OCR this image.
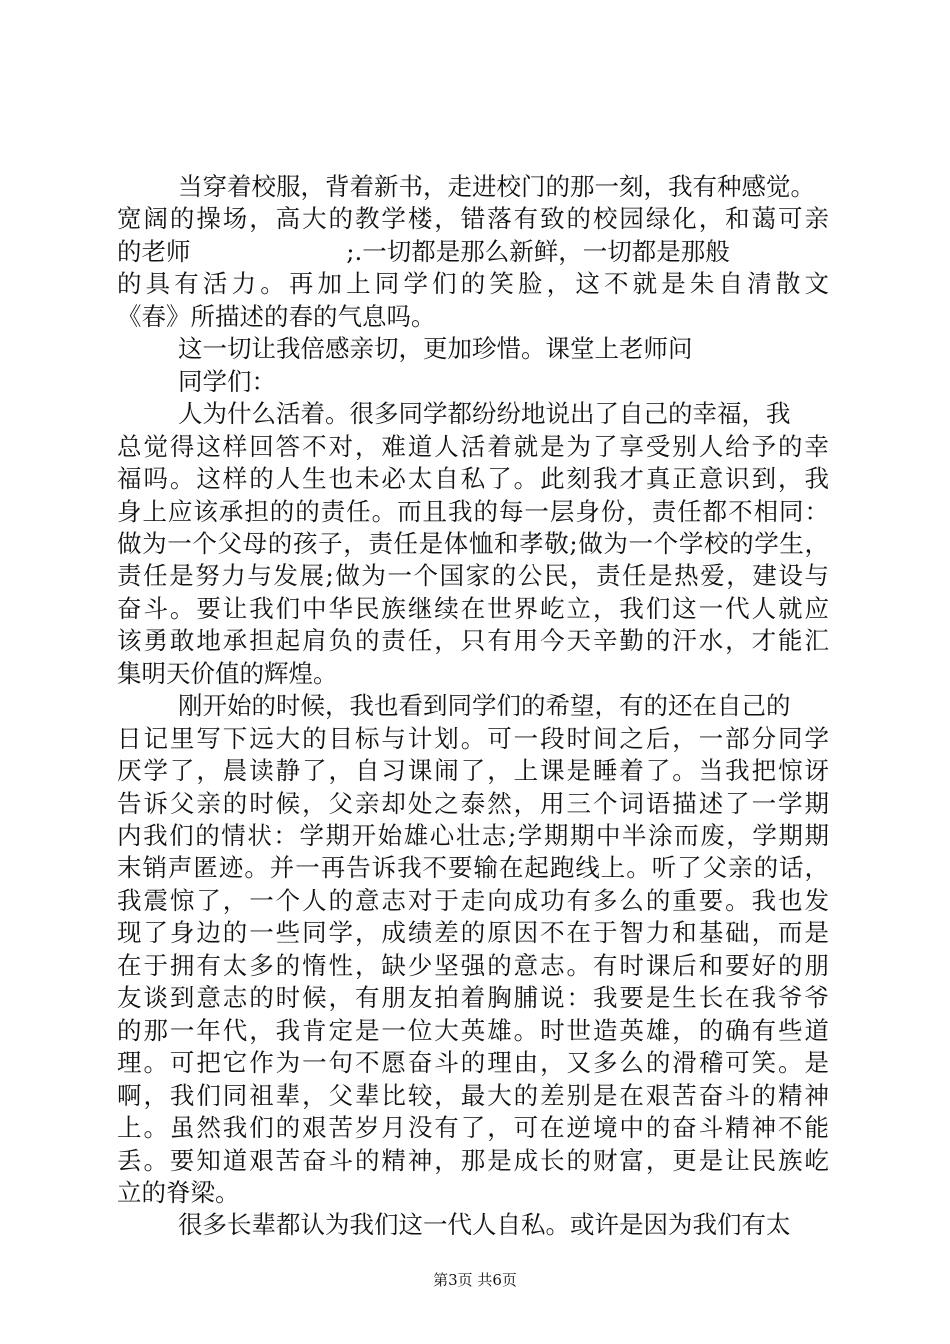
当穿着校服，背着新书，走进校门的那一刻，我有种感觉。
宽阔的操场，高大的教学楼，错落有致的校园绿化，和蔼可亲
的老师                    ;.一切都是那么新鲜，一切都是那般
的具有活力。再加上同学们的笑脸，这不就是朱自清散文
《春》所描述的春的气息吗。
这一切让我倍感亲切，更加珍惜。课堂上老师问
同学们：
人为什么活着。很多同学都纷纷地说出了自己的幸福，我
总觉得这样回答不对，难道人活着就是为了享受别人给予的幸
福吗。这样的人生也未必太自私了。此刻我才真正意识到，我
身上应该承担的的责任。而且我的每一层身份，责任都不相同：
做为一个父母的孩子，责任是体恤和孝敬;做为一个学校的学生，
责任是努力与发展;做为一个国家的公民，责任是热爱，建设与
奋斗。要让我们中华民族继续在世界屹立，我们这一代人就应
该勇敢地承担起肩负的责任，只有用今天辛勤的汗水，才能汇
集明天价值的辉煌。
刚开始的时候，我也看到同学们的希望，有的还在自己的
日记里写下远大的目标与计划。可一段时间之后，一部分同学
厌学了，晨读静了，自习课闹了，上课是睡着了。当我把惊讶
告诉父亲的时候，父亲却处之泰然，用三个词语描述了一学期
内我们的情状：学期开始雄心壮志;学期期中半涂而废，学期期
末销声匿迹。并一再告诉我不要输在起跑线上。听了父亲的话，
我震惊了，一个人的意志对于走向成功有多么的重要。我也发
现了身边的一些同学，成绩差的原因不在于智力和基础，而是
在于拥有太多的惰性，缺少坚强的意志。有时课后和要好的朋
友谈到意志的时候，有朋友拍着胸脯说：我要是生长在我爷爷
的那一年代，我肯定是一位大英雄。时世造英雄，的确有些道
理。可把它作为一句不愿奋斗的理由，又多么的滑稽可笑。是
啊，我们同祖辈，父辈比较，最大的差别是在艰苦奋斗的精神
上。虽然我们的艰苦岁月没有了，可在逆境中的奋斗精神不能
丢。要知道艰苦奋斗的精神，那是成长的财富，更是让民族屹
立的脊梁。
很多长辈都认为我们这一代人自私。或许是因为我们有太
第3页 共6页
